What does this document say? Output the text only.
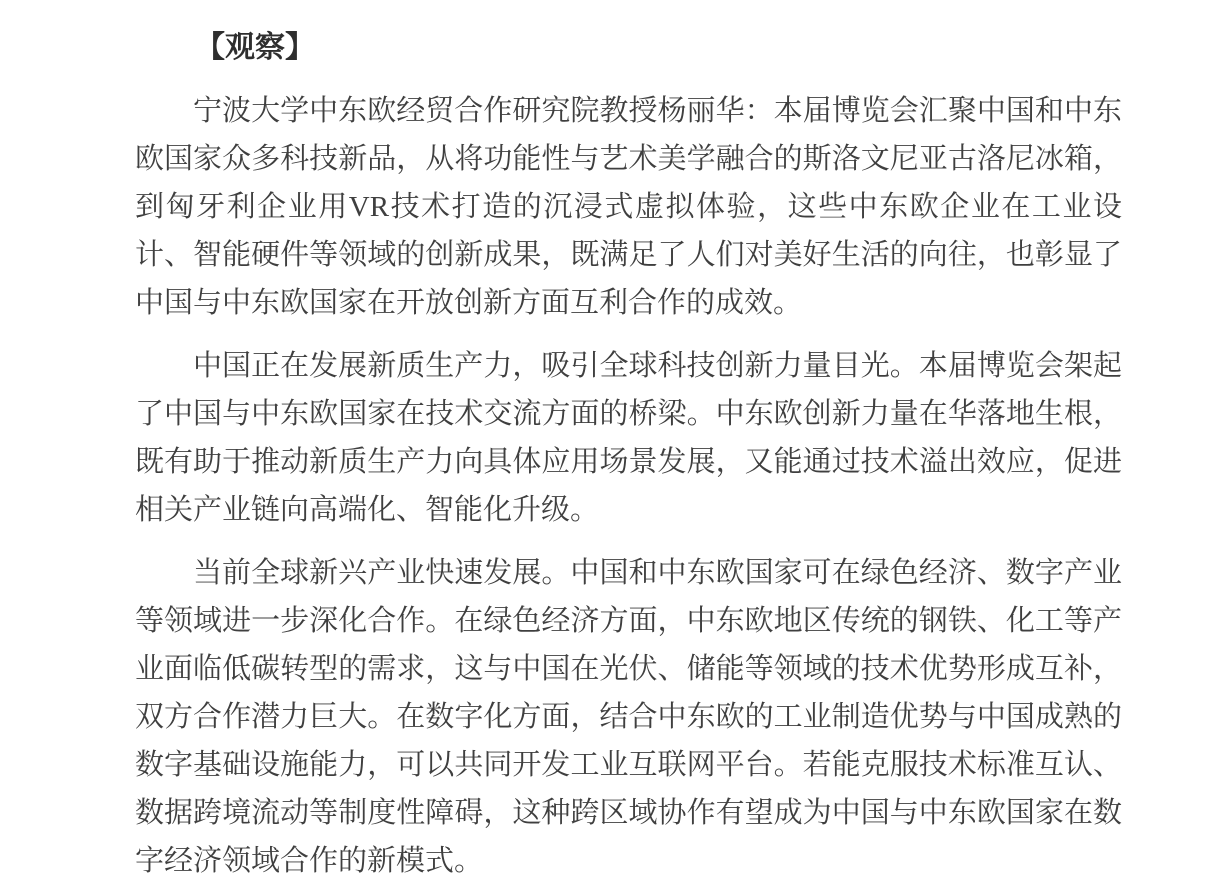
【观察】

宁波大学中东欧经贸合作研究院教授杨丽华：本届博览会汇聚中国和中东欧国家众多科技新品，从将功能性与艺术美学融合的斯洛文尼亚古洛尼冰箱，到匈牙利企业用VR技术打造的沉浸式虚拟体验，这些中东欧企业在工业设计、智能硬件等领域的创新成果，既满足了人们对美好生活的向往，也彰显了中国与中东欧国家在开放创新方面互利合作的成效。

中国正在发展新质生产力，吸引全球科技创新力量目光。本届博览会架起了中国与中东欧国家在技术交流方面的桥梁。中东欧创新力量在华落地生根，既有助于推动新质生产力向具体应用场景发展，又能通过技术溢出效应，促进相关产业链向高端化、智能化升级。

当前全球新兴产业快速发展。中国和中东欧国家可在绿色经济、数字产业等领域进一步深化合作。在绿色经济方面，中东欧地区传统的钢铁、化工等产业面临低碳转型的需求，这与中国在光伏、储能等领域的技术优势形成互补，双方合作潜力巨大。在数字化方面，结合中东欧的工业制造优势与中国成熟的数字基础设施能力，可以共同开发工业互联网平台。若能克服技术标准互认、数据跨境流动等制度性障碍，这种跨区域协作有望成为中国与中东欧国家在数字经济领域合作的新模式。
